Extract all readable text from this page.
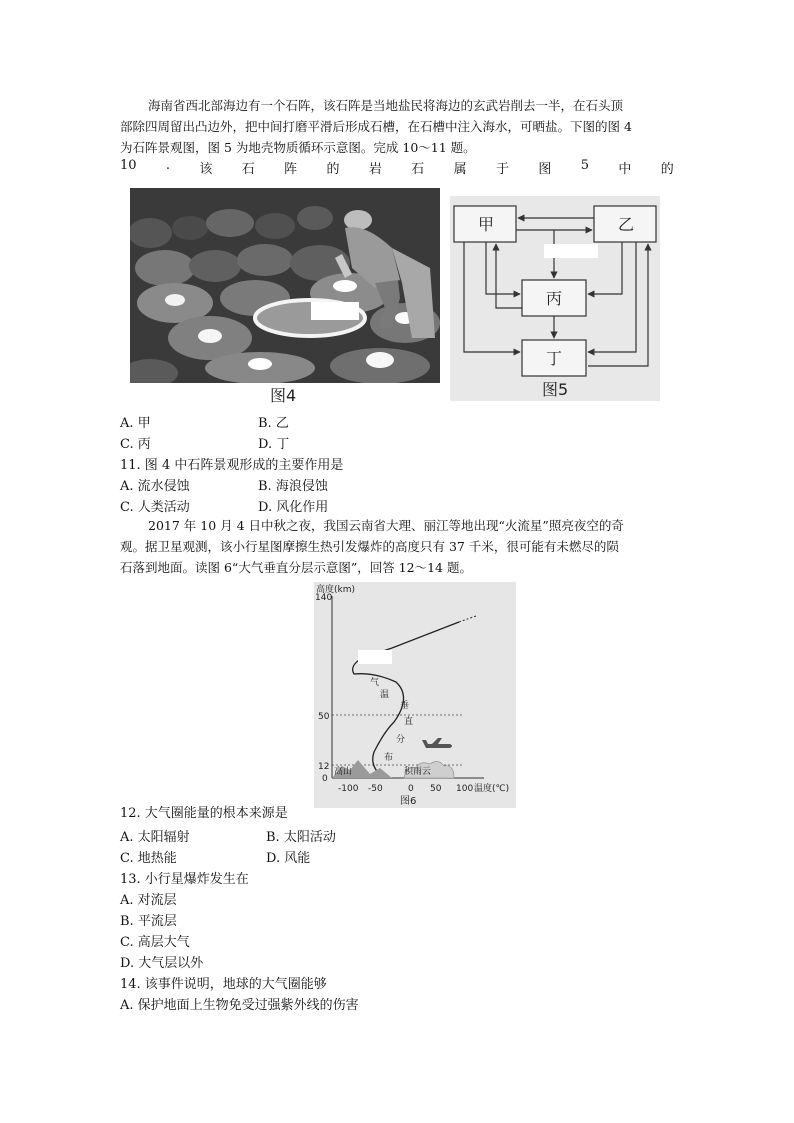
海南省西北部海边有一个石阵，该石阵是当地盐民将海边的玄武岩削去一半，在石头顶
部除四周留出凸边外，把中间打磨平滑后形成石槽，在石槽中注入海水，可晒盐。下图的图 4
为石阵景观图，图 5 为地壳物质循环示意图。完成 10～11 题。
10 . 该 石 阵 的 岩 石 属 于 图 5 中 的
图4
…
甲	乙
丙
丁
图5
A. 甲	B. 乙
C. 丙	D. 丁
11. 图 4 中石阵景观形成的主要作用是
A. 流水侵蚀	B. 海浪侵蚀
C. 人类活动	D. 风化作用
2017 年 10 月 4 日中秋之夜，我国云南省大理、丽江等地出现“火流星”照亮夜空的奇
观。据卫星观测，该小行星图摩擦生热引发爆炸的高度只有 37 千米，很可能有未燃尽的陨
石落到地面。读图 6“大气垂直分层示意图”，回答 12～14 题。
高度(km)
140
50
12
0
气
温
垂
直
分
布
高山	积雨云
-100 -50	0 50 100 温度(℃)
图6
12. 大气圈能量的根本来源是
A. 太阳辐射	B. 太阳活动
C. 地热能	D. 风能
13. 小行星爆炸发生在
A. 对流层
B. 平流层
C. 高层大气
D. 大气层以外
14. 该事件说明，地球的大气圈能够
A. 保护地面上生物免受过强紫外线的伤害
